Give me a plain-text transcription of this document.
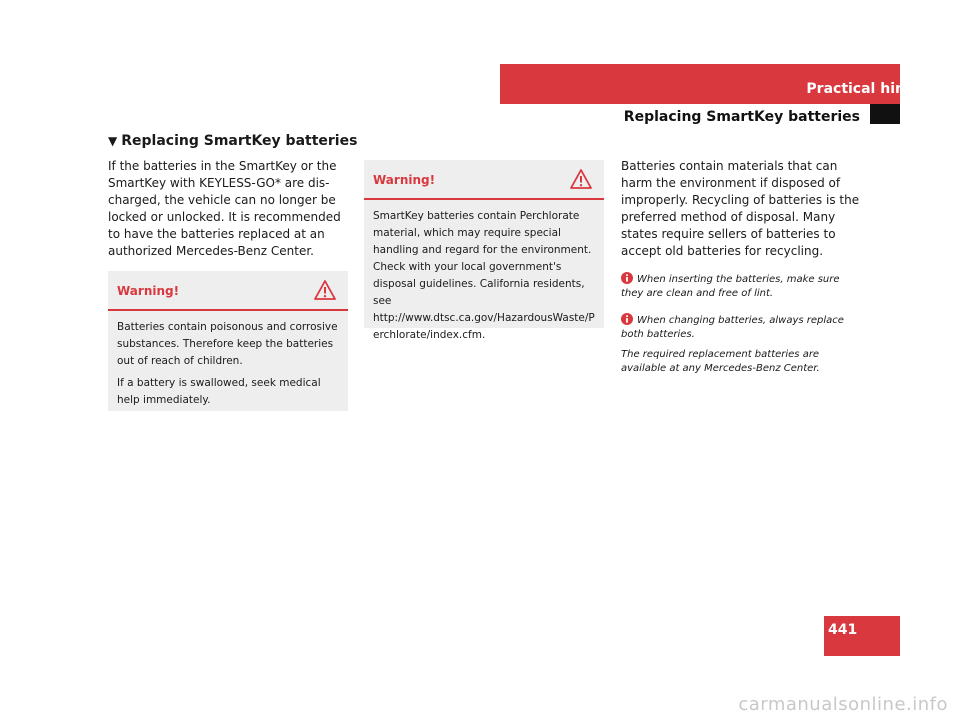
Practical hints
Replacing SmartKey batteries
▼ Replacing SmartKey batteries

If the batteries in the SmartKey or the SmartKey with KEYLESS-GO* are dis-charged, the vehicle can no longer be locked or unlocked. It is recommended to have the batteries replaced at an authorized Mercedes-Benz Center.

Warning!

Batteries contain poisonous and corrosive substances. Therefore keep the batteries out of reach of children.

If a battery is swallowed, seek medical help immediately.

Warning!

SmartKey batteries contain Perchlorate material, which may require special handling and regard for the environment. Check with your local government's disposal guidelines. California residents, see http://www.dtsc.ca.gov/HazardousWaste/Perchlorate/index.cfm.

Batteries contain materials that can harm the environment if disposed of improperly. Recycling of batteries is the preferred method of disposal. Many states require sellers of batteries to accept old batteries for recycling.

When inserting the batteries, make sure they are clean and free of lint.
When changing batteries, always replace both batteries.
The required replacement batteries are available at any Mercedes-Benz Center.
441
carmanualsonline.info
